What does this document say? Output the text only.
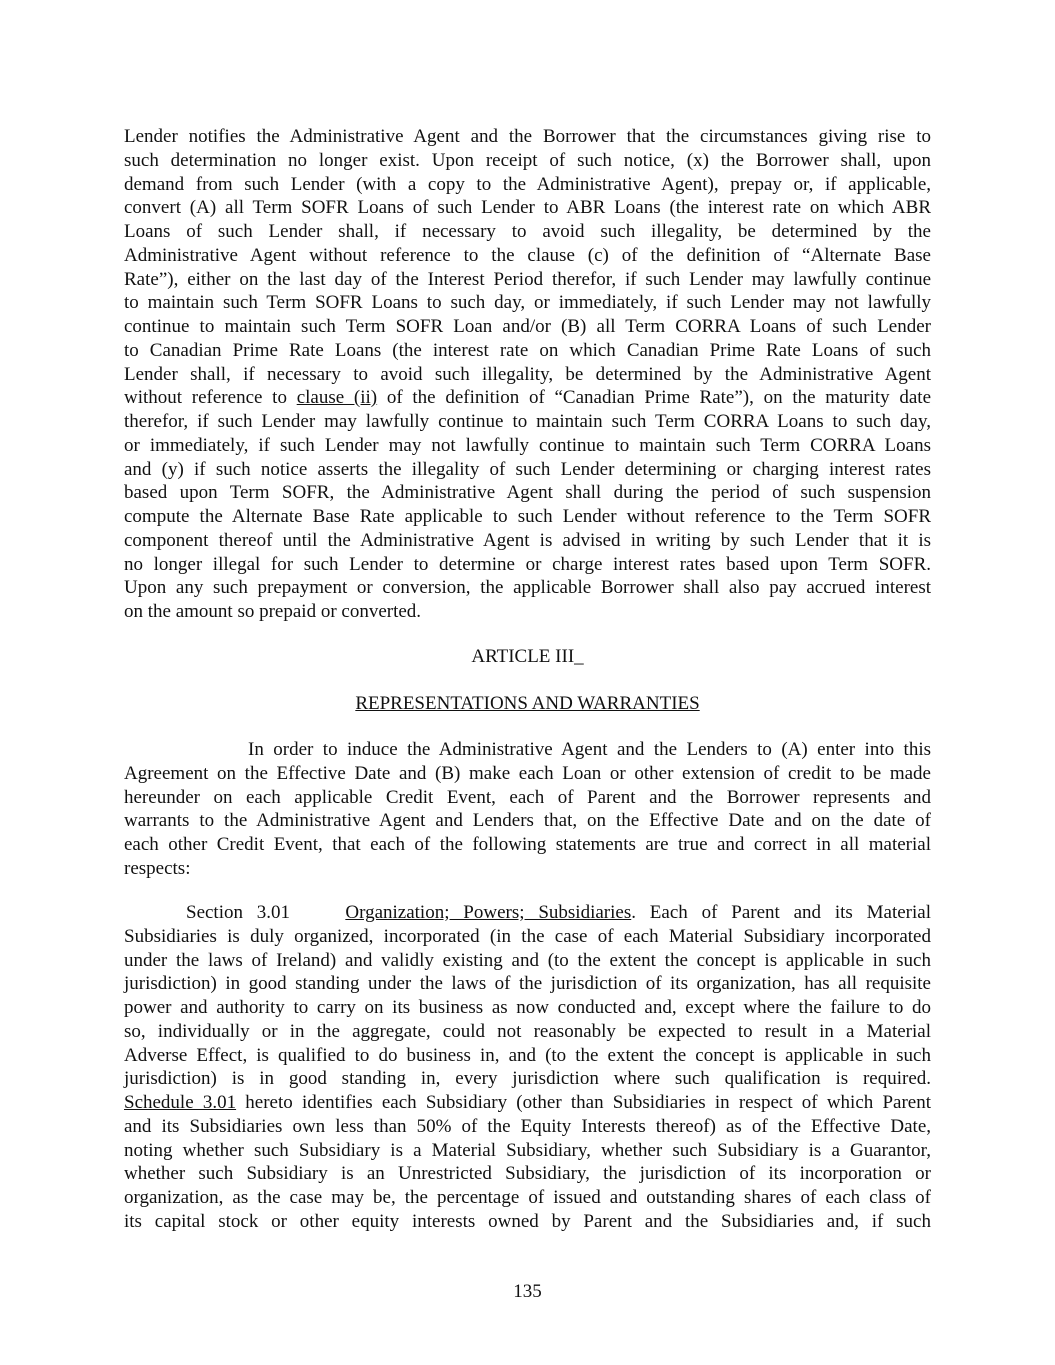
Lender notifies the Administrative Agent and the Borrower that the circumstances giving rise to
such determination no longer exist. Upon receipt of such notice, (x) the Borrower shall, upon
demand from such Lender (with a copy to the Administrative Agent), prepay or, if applicable,
convert (A) all Term SOFR Loans of such Lender to ABR Loans (the interest rate on which ABR
Loans of such Lender shall, if necessary to avoid such illegality, be determined by the
Administrative Agent without reference to the clause (c) of the definition of “Alternate Base
Rate”), either on the last day of the Interest Period therefor, if such Lender may lawfully continue
to maintain such Term SOFR Loans to such day, or immediately, if such Lender may not lawfully
continue to maintain such Term SOFR Loan and/or (B) all Term CORRA Loans of such Lender
to Canadian Prime Rate Loans (the interest rate on which Canadian Prime Rate Loans of such
Lender shall, if necessary to avoid such illegality, be determined by the Administrative Agent
without reference to clause (ii) of the definition of “Canadian Prime Rate”), on the maturity date
therefor, if such Lender may lawfully continue to maintain such Term CORRA Loans to such day,
or immediately, if such Lender may not lawfully continue to maintain such Term CORRA Loans
and (y) if such notice asserts the illegality of such Lender determining or charging interest rates
based upon Term SOFR, the Administrative Agent shall during the period of such suspension
compute the Alternate Base Rate applicable to such Lender without reference to the Term SOFR
component thereof until the Administrative Agent is advised in writing by such Lender that it is
no longer illegal for such Lender to determine or charge interest rates based upon Term SOFR.
Upon any such prepayment or conversion, the applicable Borrower shall also pay accrued interest
on the amount so prepaid or converted.
ARTICLE III_
REPRESENTATIONS AND WARRANTIES
In order to induce the Administrative Agent and the Lenders to (A) enter into this
Agreement on the Effective Date and (B) make each Loan or other extension of credit to be made
hereunder on each applicable Credit Event, each of Parent and the Borrower represents and
warrants to the Administrative Agent and Lenders that, on the Effective Date and on the date of
each other Credit Event, that each of the following statements are true and correct in all material
respects:
Section 3.01    Organization; Powers; Subsidiaries. Each of Parent and its Material
Subsidiaries is duly organized, incorporated (in the case of each Material Subsidiary incorporated
under the laws of Ireland) and validly existing and (to the extent the concept is applicable in such
jurisdiction) in good standing under the laws of the jurisdiction of its organization, has all requisite
power and authority to carry on its business as now conducted and, except where the failure to do
so, individually or in the aggregate, could not reasonably be expected to result in a Material
Adverse Effect, is qualified to do business in, and (to the extent the concept is applicable in such
jurisdiction) is in good standing in, every jurisdiction where such qualification is required.
Schedule 3.01 hereto identifies each Subsidiary (other than Subsidiaries in respect of which Parent
and its Subsidiaries own less than 50% of the Equity Interests thereof) as of the Effective Date,
noting whether such Subsidiary is a Material Subsidiary, whether such Subsidiary is a Guarantor,
whether such Subsidiary is an Unrestricted Subsidiary, the jurisdiction of its incorporation or
organization, as the case may be, the percentage of issued and outstanding shares of each class of
its capital stock or other equity interests owned by Parent and the Subsidiaries and, if such
135
